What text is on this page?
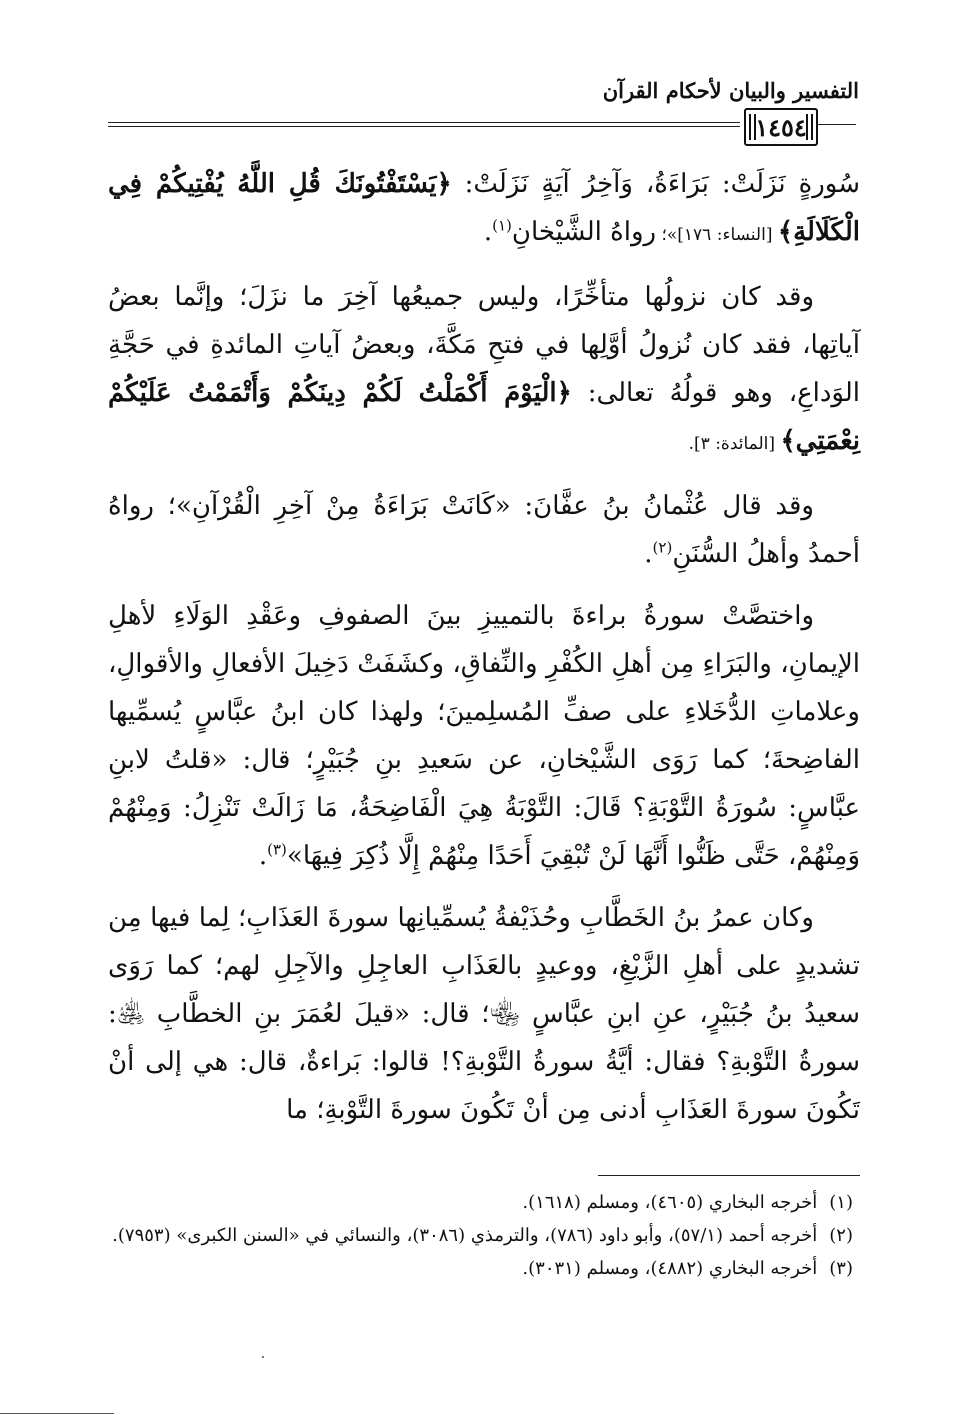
التفسير والبيان لأحكام القرآن
١٤٥٤

سُورةٍ نَزَلَتْ: بَرَاءَةُ، وَآخِرُ آيَةٍ نَزَلَتْ: ﴿يَسْتَفْتُونَكَ قُلِ اللَّهُ يُفْتِيكُمْ فِي الْكَلَالَةِ﴾ [النساء: ١٧٦]»؛ رواهُ الشَّيْخانِ$^{(١)}$.

وقد كان نزولُها متأخِّرًا، وليس جميعُها آخِرَ ما نزَلَ؛ وإنَّما بعضُ آياتِها، فقد كان نُزولُ أوَّلِها في فتحِ مَكَّةَ، وبعضُ آياتِ المائدةِ في حَجَّةِ الوَداعِ، وهو قولُهُ تعالى: ﴿الْيَوْمَ أَكْمَلْتُ لَكُمْ دِينَكُمْ وَأَتْمَمْتُ عَلَيْكُمْ نِعْمَتِي﴾ [المائدة: ٣].

وقد قال عُثْمانُ بنُ عفَّانَ: «كَانَتْ بَرَاءَةُ مِنْ آخِرِ الْقُرْآنِ»؛ رواهُ أحمدُ وأهلُ السُّنَنِ$^{(٢)}$.

واختصَّتْ سورةُ براءةَ بالتمييزِ بينَ الصفوفِ وعَقْدِ الوَلَاءِ لأهلِ الإيمانِ، والبَرَاءِ مِن أهلِ الكُفْرِ والنِّفاقِ، وكشَفَتْ دَخِيلَ الأفعالِ والأقوالِ، وعلاماتِ الدُّخَلاءِ على صفِّ المُسلِمينَ؛ ولهذا كان ابنُ عبَّاسٍ يُسمِّيها الفاضِحةَ؛ كما رَوَى الشَّيْخانِ، عن سَعيدِ بنِ جُبَيْرٍ؛ قال: «قلتُ لابنِ عبَّاسٍ: سُورَةُ التَّوْبَةِ؟ قَالَ: التَّوْبَةُ هِيَ الْفَاضِحَةُ، مَا زَالَتْ تَنْزِلُ: وَمِنْهُمْ وَمِنْهُمْ، حَتَّى ظَنُّوا أَنَّهَا لَنْ تُبْقِيَ أَحَدًا مِنْهُمْ إِلَّا ذُكِرَ فِيهَا»$^{(٣)}$.

وكان عمرُ بنُ الخَطَّابِ وحُذَيْفةُ يُسمِّيانِها سورةَ العَذَابِ؛ لِما فيها مِن تشديدٍ على أهلِ الزَّيْغِ، ووعيدٍ بالعَذَابِ العاجِلِ والآجِلِ لهم؛ كما رَوَى سعيدُ بنُ جُبَيْرٍ، عنِ ابنِ عبَّاسٍ ﵄؛ قال: «قيلَ لعُمَرَ بنِ الخطَّابِ ﵁: سورةُ التَّوْبةِ؟ فقال: أيَّةُ سورةُ التَّوْبةِ؟! قالوا: بَراءةٌ، قال: هي إلى أنْ تَكُونَ سورةَ العَذَابِ أدنى مِن أنْ تَكُونَ سورةَ التَّوْبةِ؛ ما

(١)
أخرجه البخاري (٤٦٠٥)، ومسلم (١٦١٨).
(٢)
أخرجه أحمد (٥٧/١)، وأبو داود (٧٨٦)، والترمذي (٣٠٨٦)، والنسائي في «السنن الكبرى» (٧٩٥٣).
(٣)
أخرجه البخاري (٤٨٨٢)، ومسلم (٣٠٣١).
